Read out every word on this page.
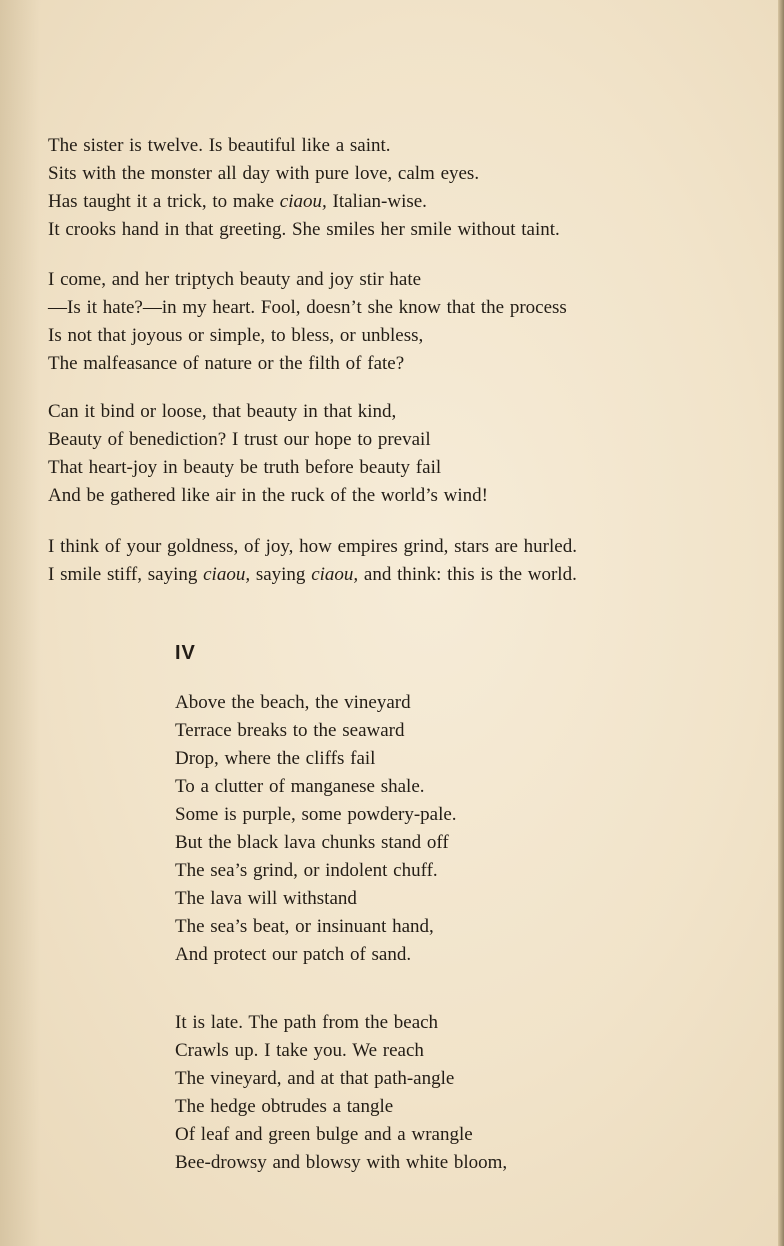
The sister is twelve. Is beautiful like a saint.
Sits with the monster all day with pure love, calm eyes.
Has taught it a trick, to make ciaou, Italian-wise.
It crooks hand in that greeting. She smiles her smile without taint.
I come, and her triptych beauty and joy stir hate
—Is it hate?—in my heart. Fool, doesn’t she know that the process
Is not that joyous or simple, to bless, or unbless,
The malfeasance of nature or the filth of fate?
Can it bind or loose, that beauty in that kind,
Beauty of benediction? I trust our hope to prevail
That heart-joy in beauty be truth before beauty fail
And be gathered like air in the ruck of the world’s wind!
I think of your goldness, of joy, how empires grind, stars are hurled.
I smile stiff, saying ciaou, saying ciaou, and think: this is the world.
IV
Above the beach, the vineyard
Terrace breaks to the seaward
Drop, where the cliffs fail
To a clutter of manganese shale.
Some is purple, some powdery-pale.
But the black lava chunks stand off
The sea’s grind, or indolent chuff.
The lava will withstand
The sea’s beat, or insinuant hand,
And protect our patch of sand.
It is late. The path from the beach
Crawls up. I take you. We reach
The vineyard, and at that path-angle
The hedge obtrudes a tangle
Of leaf and green bulge and a wrangle
Bee-drowsy and blowsy with white bloom,
